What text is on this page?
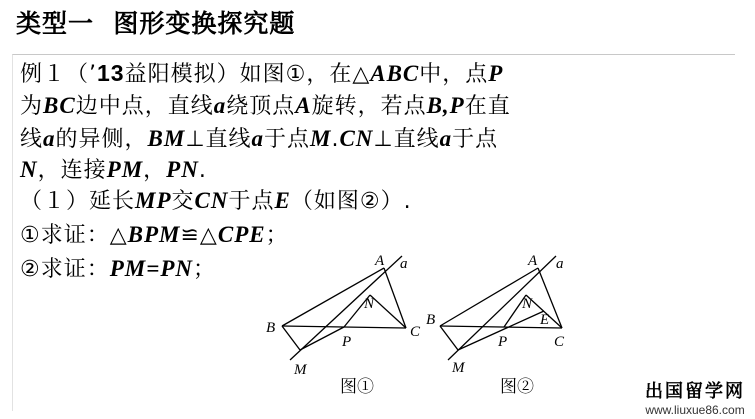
类型一  图形变换探究题
例１（’13益阳模拟）如图①，在△ABC中，点P
为BC边中点，直线a绕顶点A旋转，若点B,P在直
线a的异侧，BM⊥直线a于点M.CN⊥直线a于点
N，连接PM，PN.
（１）延长MP交CN于点E（如图②）.
①求证：△BPM≌△CPE；
②求证：PM=PN；	A a
N
B	C
P
M
图①
A a
N
E
B
C
P
M
图②	出国留学网
www.liuxue86.com
